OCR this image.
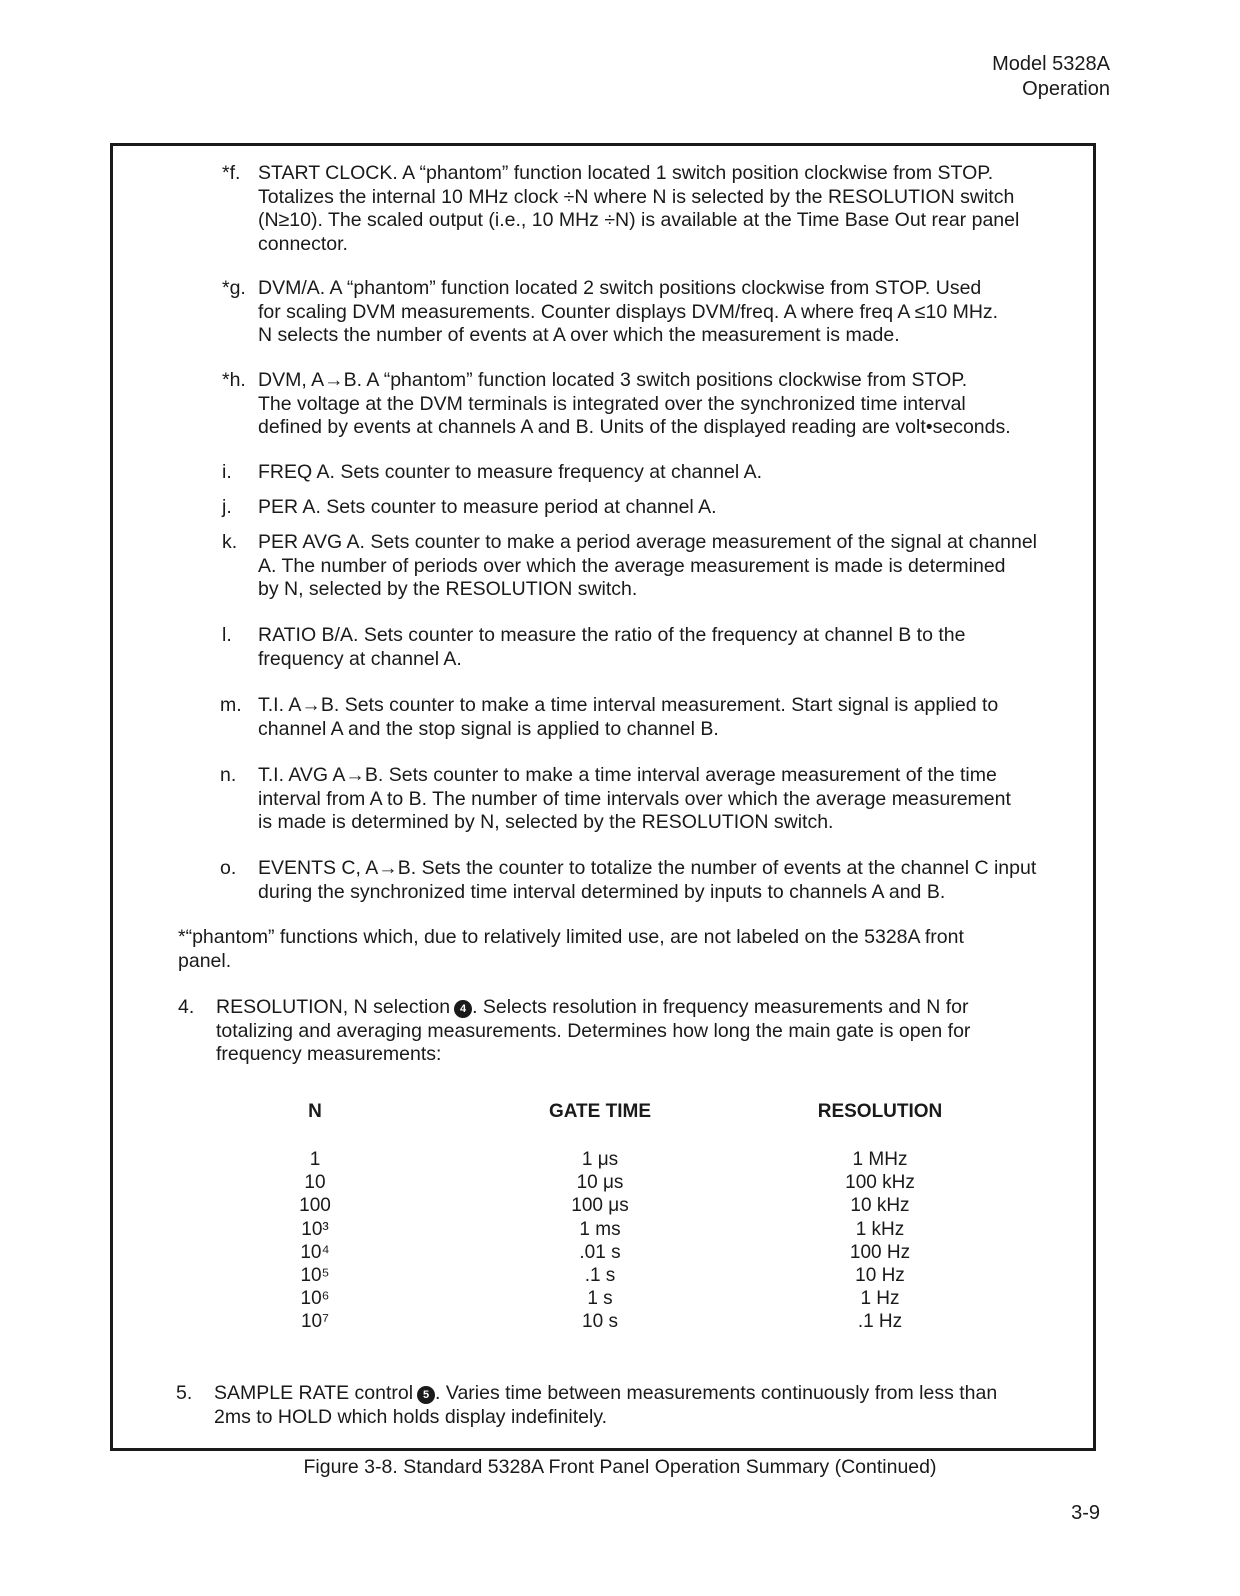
Model 5328A
Operation
*f. START CLOCK. A “phantom” function located 1 switch position clockwise from STOP.
Totalizes the internal 10 MHz clock ÷N where N is selected by the RESOLUTION switch
(N≥10). The scaled output (i.e., 10 MHz ÷N) is available at the Time Base Out rear panel
connector.
*g. DVM/A. A “phantom” function located 2 switch positions clockwise from STOP. Used
for scaling DVM measurements. Counter displays DVM/freq. A where freq A ≤10 MHz.
N selects the number of events at A over which the measurement is made.
*h. DVM, A→B. A “phantom” function located 3 switch positions clockwise from STOP.
The voltage at the DVM terminals is integrated over the synchronized time interval
defined by events at channels A and B. Units of the displayed reading are volt•seconds.
i. FREQ A. Sets counter to measure frequency at channel A.
j. PER A. Sets counter to measure period at channel A.
k. PER AVG A. Sets counter to make a period average measurement of the signal at channel
A. The number of periods over which the average measurement is made is determined
by N, selected by the RESOLUTION switch.
l. RATIO B/A. Sets counter to measure the ratio of the frequency at channel B to the
frequency at channel A.
m. T.I. A→B. Sets counter to make a time interval measurement. Start signal is applied to
channel A and the stop signal is applied to channel B.
n. T.I. AVG A→B. Sets counter to make a time interval average measurement of the time
interval from A to B. The number of time intervals over which the average measurement
is made is determined by N, selected by the RESOLUTION switch.
o. EVENTS C, A→B. Sets the counter to totalize the number of events at the channel C input
during the synchronized time interval determined by inputs to channels A and B.
*“phantom” functions which, due to relatively limited use, are not labeled on the 5328A front
panel.
4. RESOLUTION, N selection 4 . Selects resolution in frequency measurements and N for
totalizing and averaging measurements. Determines how long the main gate is open for
frequency measurements:
N
1
10
100
10³
10⁴
10⁵
10⁶
10⁷
GATE TIME
1 μs
10 μs
100 μs
1 ms
.01 s
.1 s
1 s
10 s
RESOLUTION
1 MHz
100 kHz
10 kHz
1 kHz
100 Hz
10 Hz
1 Hz
.1 Hz
5. SAMPLE RATE control 5 . Varies time between measurements continuously from less than
2ms to HOLD which holds display indefinitely.
Figure 3-8. Standard 5328A Front Panel Operation Summary (Continued)
3-9
